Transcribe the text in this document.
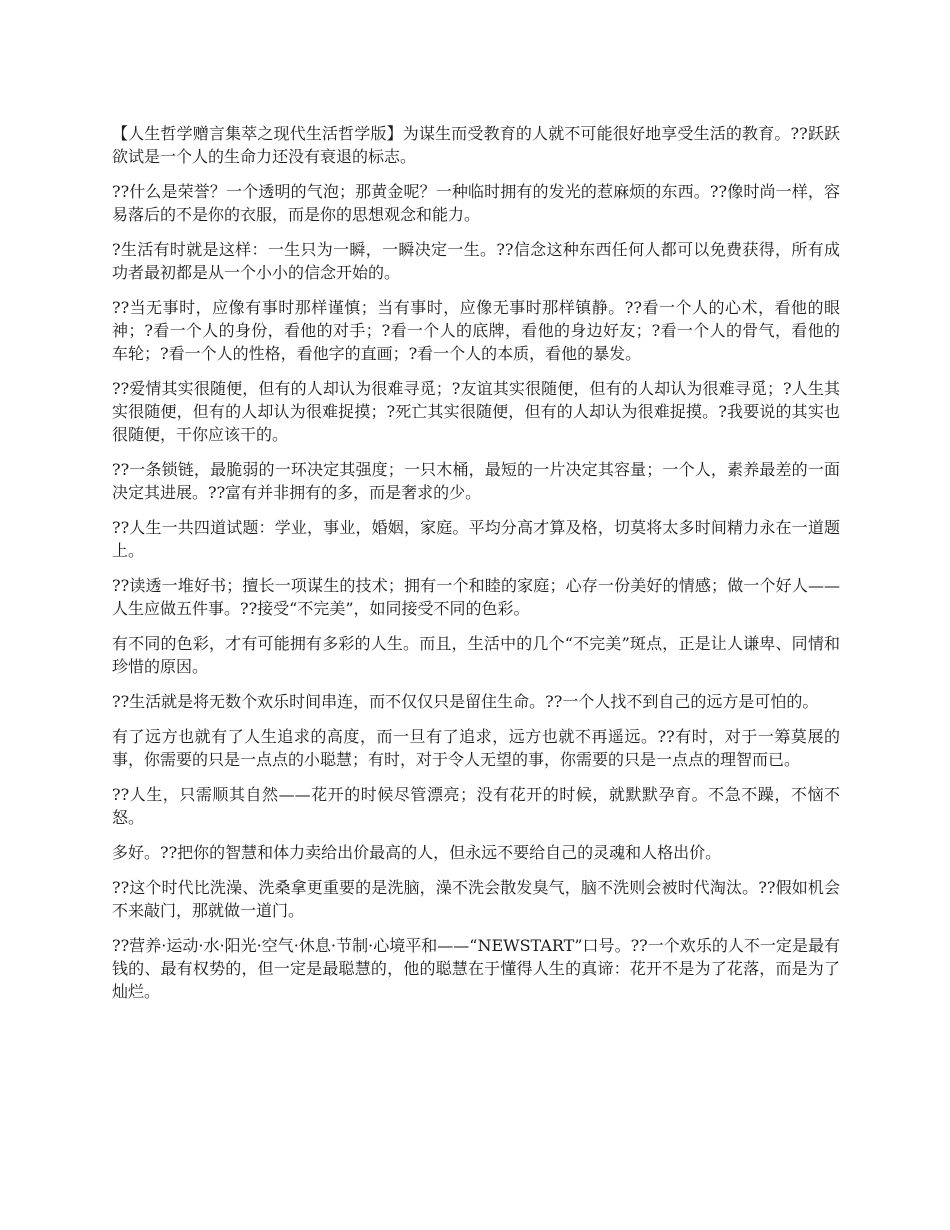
【人生哲学赠言集萃之现代生活哲学版】为谋生而受教育的人就不可能很好地享受生活的教育。??跃跃欲试是一个人的生命力还没有衰退的标志。

??什么是荣誉？一个透明的气泡；那黄金呢？一种临时拥有的发光的惹麻烦的东西。??像时尚一样，容易落后的不是你的衣服，而是你的思想观念和能力。

?生活有时就是这样：一生只为一瞬，一瞬决定一生。??信念这种东西任何人都可以免费获得，所有成功者最初都是从一个小小的信念开始的。

??当无事时，应像有事时那样谨慎；当有事时，应像无事时那样镇静。??看一个人的心术，看他的眼神；?看一个人的身份，看他的对手；?看一个人的底牌，看他的身边好友；?看一个人的骨气，看他的车轮；?看一个人的性格，看他字的直画；?看一个人的本质，看他的暴发。

??爱情其实很随便，但有的人却认为很难寻觅；?友谊其实很随便，但有的人却认为很难寻觅；?人生其实很随便，但有的人却认为很难捉摸；?死亡其实很随便，但有的人却认为很难捉摸。?我要说的其实也很随便，干你应该干的。

??一条锁链，最脆弱的一环决定其强度；一只木桶，最短的一片决定其容量；一个人，素养最差的一面决定其进展。??富有并非拥有的多，而是奢求的少。

??人生一共四道试题：学业，事业，婚姻，家庭。平均分高才算及格，切莫将太多时间精力永在一道题上。

??读透一堆好书；擅长一项谋生的技术；拥有一个和睦的家庭；心存一份美好的情感；做一个好人——人生应做五件事。??接受“不完美”，如同接受不同的色彩。

有不同的色彩，才有可能拥有多彩的人生。而且，生活中的几个“不完美”斑点，正是让人谦卑、同情和珍惜的原因。

??生活就是将无数个欢乐时间串连，而不仅仅只是留住生命。??一个人找不到自己的远方是可怕的。

有了远方也就有了人生追求的高度，而一旦有了追求，远方也就不再遥远。??有时，对于一筹莫展的事，你需要的只是一点点的小聪慧；有时，对于令人无望的事，你需要的只是一点点的理智而已。

??人生，只需顺其自然——花开的时候尽管漂亮；没有花开的时候，就默默孕育。不急不躁，不恼不怒。

多好。??把你的智慧和体力卖给出价最高的人，但永远不要给自己的灵魂和人格出价。

??这个时代比洗澡、洗桑拿更重要的是洗脑，澡不洗会散发臭气，脑不洗则会被时代淘汰。??假如机会不来敲门，那就做一道门。

??营养·运动·水·阳光·空气·休息·节制·心境平和——“NEWSTART”口号。??一个欢乐的人不一定是最有钱的、最有权势的，但一定是最聪慧的，他的聪慧在于懂得人生的真谛：花开不是为了花落，而是为了灿烂。
